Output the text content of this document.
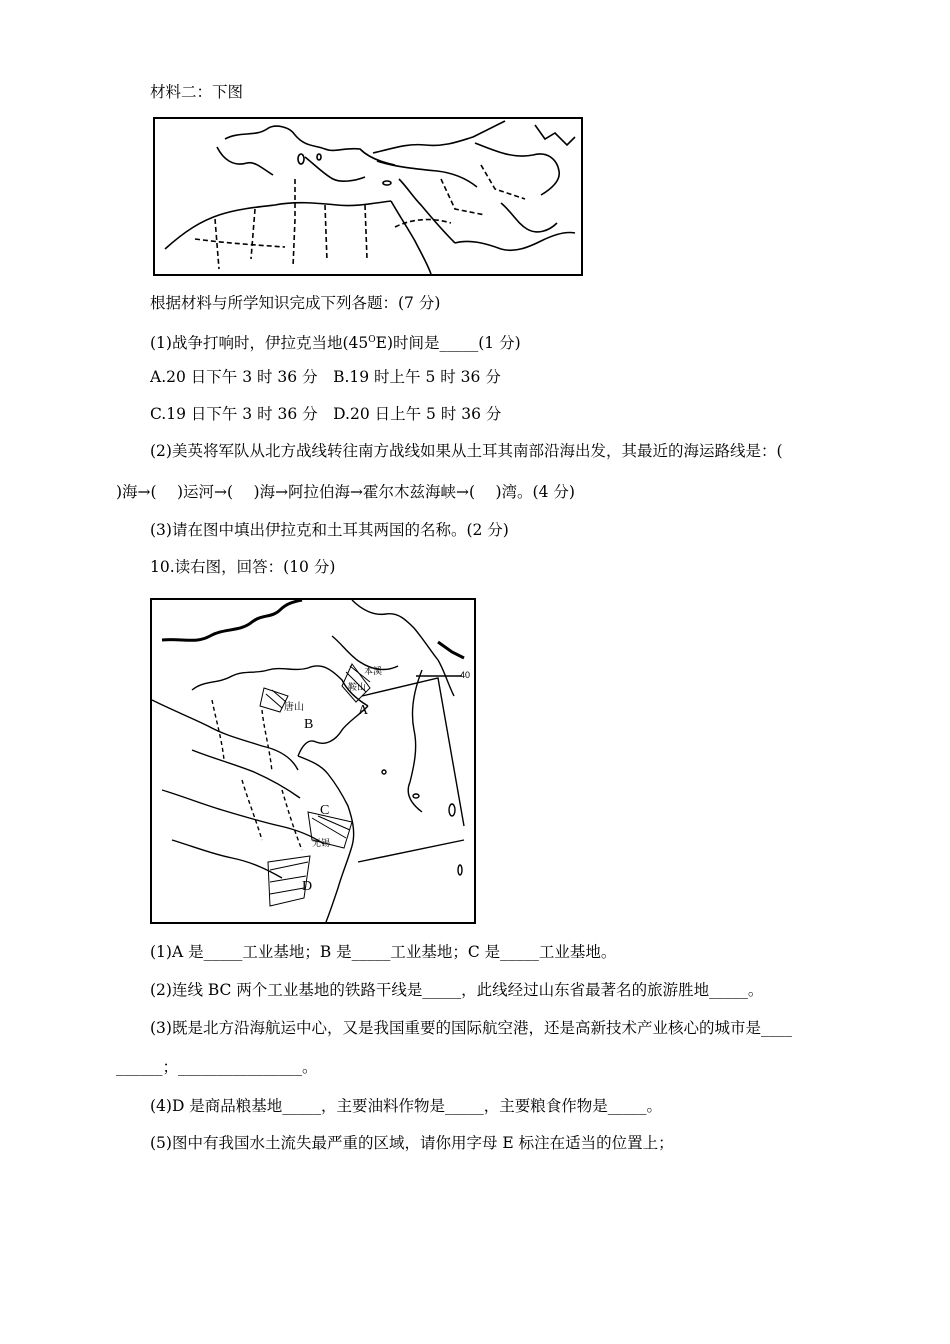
材料二：下图
根据材料与所学知识完成下列各题：(7 分)
(1)战争打响时，伊拉克当地$(45^OE)$时间是_____(1 分)
A.20 日下午 3 时 36 分　B.19 时上午 5 时 36 分
C.19 日下午 3 时 36 分　D.20 日上午 5 时 36 分
(2)美英将军队从北方战线转往南方战线如果从土耳其南部沿海出发，其最近的海运路线是：(
)海→(　 )运河→(　 )海→阿拉伯海→霍尔木兹海峡→(　 )湾。(4 分)
(3)请在图中填出伊拉克和土耳其两国的名称。(2 分)
10.读右图，回答：(10 分)
A
B
C
D
唐山
本溪
鞍山
无锡
40
(1)A 是_____工业基地；B 是_____工业基地；C 是_____工业基地。
(2)连线 BC 两个工业基地的铁路干线是_____，此线经过山东省最著名的旅游胜地_____。
(3)既是北方沿海航运中心，又是我国重要的国际航空港，还是高新技术产业核心的城市是____
______；________________。
(4)D 是商品粮基地_____，主要油料作物是_____，主要粮食作物是_____。
(5)图中有我国水土流失最严重的区域，请你用字母 E 标注在适当的位置上；
